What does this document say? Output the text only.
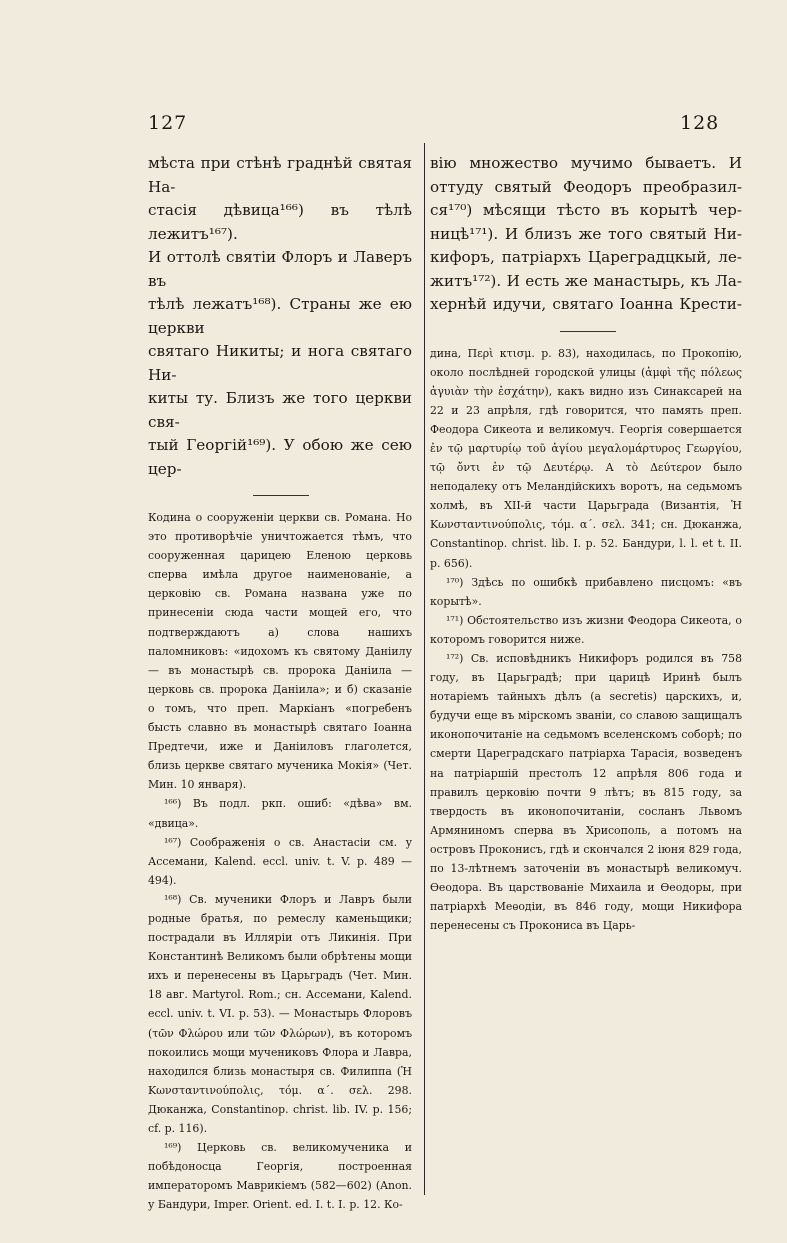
127	128

мѣста при стѣнѣ граднѣй святая На-

стасія дѣвица¹⁶⁶) въ тѣлѣ лежитъ¹⁶⁷).

И оттолѣ святіи Флоръ и Лаверъ въ

тѣлѣ лежатъ¹⁶⁸). Страны же ею церкви

святаго Никиты; и нога святаго Ни-

киты ту. Близъ же того церкви свя-

тый Георгій¹⁶⁹). У обою же сею цер-

Кодина о сооруженіи церкви св. Романа. Но это противорѣчіе уничтожается тѣмъ, что сооруженная царицею Еленою церковь сперва имѣла другое наименованіе, а церковію св. Романа названа уже по принесеніи сюда части мощей его, что подтверждаютъ а) слова нашихъ паломниковъ: «идохомъ къ святому Даніилу — въ монастырѣ св. пророка Даніила — церковь св. пророка Даніила»; и б) сказаніе о томъ, что преп. Маркіанъ «погребенъ бысть славно въ монастырѣ святаго Іоанна Предтечи, иже и Даніиловъ глаголется, близь церкве святаго мученика Мокія» (Чет. Мин. 10 января).

¹⁶⁶) Въ подл. ркп. ошиб: «дѣва» вм. «двица».

¹⁶⁷) Соображенія о св. Анастасіи см. у Ассемани, Kalend. eccl. univ. t. V. p. 489 —494).

¹⁶⁸) Св. мученики Флоръ и Лавръ были родные братья, по ремеслу каменьщики; пострадали въ Илляріи отъ Ликинія. При Константинѣ Великомъ были обрѣтены мощи ихъ и перенесены въ Царьградъ (Чет. Мин. 18 авг. Martyrol. Rom.; сн. Ассемани, Kalend. eccl. univ. t. VI. p. 53). — Монастырь Флоровъ (τῶν Φλώρου или τῶν Φλώρων), въ которомъ покоились мощи мучениковъ Флора и Лавра, находился близь монастыря св. Филиппа (Ἡ Κωνσταντινούπολις, τόμ. α΄. σελ. 298. Дюканжа, Constantinop. christ. lib. IV. p. 156; cf. p. 116).

¹⁶⁹) Церковь св. великомученика и побѣдоносца Георгія, построенная императоромъ Маврикіемъ (582—602) (Anon. у Бандури, Imper. Orient. ed. I. t. I. p. 12. Ко-

вію множество мучимо бываетъ. И

оттуду святый Феодоръ преобразил-

ся¹⁷⁰) мѣсящи тѣсто въ корытѣ чер-

ницѣ¹⁷¹). И близъ же того святый Ни-

кифоръ, патріархъ Цареградцкый, ле-

житъ¹⁷²). И есть же манастырь, къ Ла-

хернѣй идучи, святаго Іоанна Крести-

дина, Περὶ κτισμ. p. 83), находилась, по Прокопію, около послѣдней городской улицы (ἀμφὶ τῆς πόλεως ἀγυιὰν τὴν ἐσχάτην), какъ видно изъ Синаксарей на 22 и 23 апрѣля, гдѣ говорится, что память преп. Феодора Сикеота и великомуч. Георгія совершается ἐν τῷ μαρτυρίῳ τοῦ ἁγίου μεγαλομάρτυρος Γεωργίου, τῷ ὄντι ἐν τῷ Δευτέρῳ. А τὸ Δεύτερον было неподалеку отъ Меландійскихъ воротъ, на седьмомъ холмѣ, въ XII-й части Царьграда (Византія, Ἡ Κωνσταντινούπολις, τόμ. α΄. σελ. 341; сн. Дюканжа, Constantinop. christ. lib. I. p. 52. Бандури, l. l. et t. II. p. 656).

¹⁷⁰) Здѣсь по ошибкѣ прибавлено писцомъ: «въ корытѣ».

¹⁷¹) Обстоятельство изъ жизни Феодора Сикеота, о которомъ говорится ниже.

¹⁷²) Св. исповѣдникъ Никифоръ родился въ 758 году, въ Царьградѣ; при царицѣ Иринѣ былъ нотаріемъ тайныхъ дѣлъ (a secretis) царскихъ, и, будучи еще въ мірскомъ званіи, со славою защищалъ иконопочитаніе на седьмомъ вселенскомъ соборѣ; по смерти Цареградскаго патріарха Тарасія, возведенъ на патріаршій престолъ 12 апрѣля 806 года и правилъ церковію почти 9 лѣтъ; въ 815 году, за твердость въ иконопочитаніи, сосланъ Львомъ Армяниномъ сперва въ Хрисополь, а потомъ на островъ Проконисъ, гдѣ и скончался 2 іюня 829 года, по 13-лѣтнемъ заточеніи въ монастырѣ великомуч. Ѳеодора. Въ царствованіе Михаила и Ѳеодоры, при патріархѣ Меѳодіи, въ 846 году, мощи Никифора перенесены съ Прокониса въ Царь-
